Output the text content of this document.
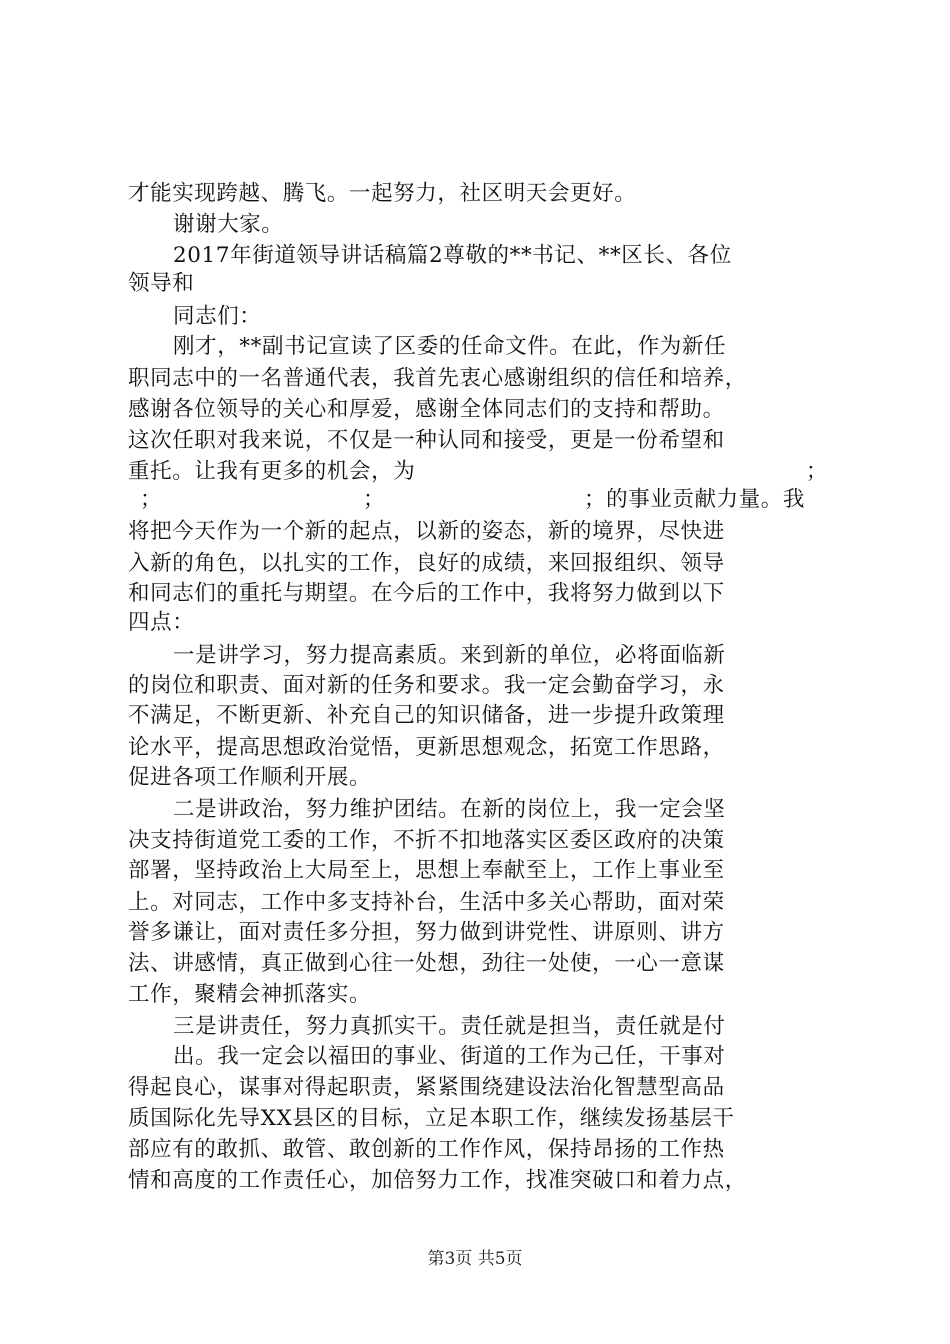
才能实现跨越、腾飞。一起努力，社区明天会更好。
谢谢大家。
2017年街道领导讲话稿篇2尊敬的**书记、**区长、各位
领导和
同志们：
刚才，**副书记宣读了区委的任命文件。在此，作为新任
职同志中的一名普通代表，我首先衷心感谢组织的信任和培养，
感谢各位领导的关心和厚爱，感谢全体同志们的支持和帮助。
这次任职对我来说，不仅是一种认同和接受，更是一份希望和
重托。让我有更多的机会，为	；
；	；	；的事业贡献力量。我
将把今天作为一个新的起点，以新的姿态，新的境界，尽快进
入新的角色，以扎实的工作，良好的成绩，来回报组织、领导
和同志们的重托与期望。在今后的工作中，我将努力做到以下
四点：
一是讲学习，努力提高素质。来到新的单位，必将面临新
的岗位和职责、面对新的任务和要求。我一定会勤奋学习，永
不满足，不断更新、补充自己的知识储备，进一步提升政策理
论水平，提高思想政治觉悟，更新思想观念，拓宽工作思路，
促进各项工作顺利开展。
二是讲政治，努力维护团结。在新的岗位上，我一定会坚
决支持街道党工委的工作，不折不扣地落实区委区政府的决策
部署，坚持政治上大局至上，思想上奉献至上，工作上事业至
上。对同志，工作中多支持补台，生活中多关心帮助，面对荣
誉多谦让，面对责任多分担，努力做到讲党性、讲原则、讲方
法、讲感情，真正做到心往一处想，劲往一处使，一心一意谋
工作，聚精会神抓落实。
三是讲责任，努力真抓实干。责任就是担当，责任就是付
出。我一定会以福田的事业、街道的工作为己任，干事对
得起良心，谋事对得起职责，紧紧围绕建设法治化智慧型高品
质国际化先导XX县区的目标，立足本职工作，继续发扬基层干
部应有的敢抓、敢管、敢创新的工作作风，保持昂扬的工作热
情和高度的工作责任心，加倍努力工作，找准突破口和着力点，
第3页 共5页
